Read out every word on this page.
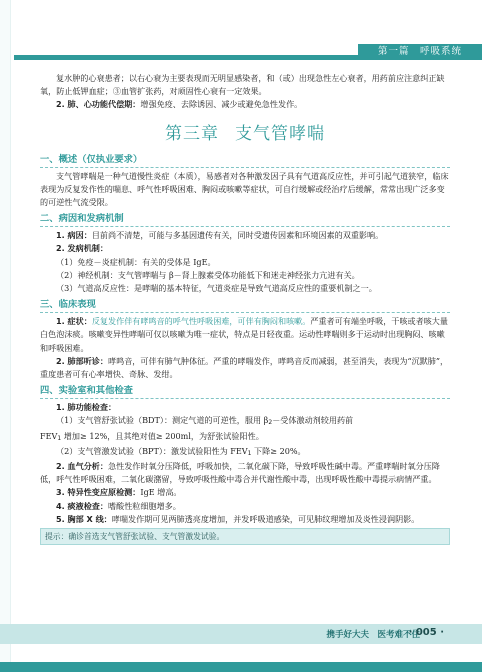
第一篇　呼吸系统

复水肿的心衰患者；以右心衰为主要表现而无明显感染者，和（或）出现急性左心衰者，用药前应注意纠正缺氧，防止低钾血症；③血管扩张药，对顽固性心衰有一定效果。

2. 肺、心功能代偿期：增强免疫、去除诱因、减少或避免急性发作。

第三章 支气管哮喘
一、概述（仅执业要求）

支气管哮喘是一种气道慢性炎症（本质），易感者对各种激发因子具有气道高反应性，并可引起气道狭窄，临床表现为反复发作性的喘息、呼气性呼吸困难、胸闷或咳嗽等症状，可自行缓解或经治疗后缓解，常常出现广泛多变的可逆性气流受限。

二、病因和发病机制

1. 病因：目前尚不清楚，可能与多基因遗传有关，同时受遗传因素和环境因素的双重影响。

2. 发病机制：

（1）免疫－炎症机制：有关的受体是 IgE。

（2）神经机制：支气管哮喘与 β－肾上腺素受体功能低下和迷走神经张力亢进有关。

（3）气道高反应性：是哮喘的基本特征，气道炎症是导致气道高反应性的重要机制之一。

三、临床表现

1. 症状：反复发作伴有哮鸣音的呼气性呼吸困难，可伴有胸闷和咳嗽。严重者可有端坐呼吸，干咳或者咳大量白色泡沫痰。咳嗽变异性哮喘可仅以咳嗽为唯一症状，特点是日轻夜重。运动性哮喘则多于运动时出现胸闷、咳嗽和呼吸困难。

2. 肺部听诊：哮鸣音，可伴有肺气肿体征。严重的哮喘发作，哮鸣音反而减弱，甚至消失，表现为“沉默肺”，重度患者可有心率增快、奇脉、发绀。

四、实验室和其他检查

1. 肺功能检查：

（1）支气管舒张试验（BDT）：测定气道的可逆性，服用 β2－受体激动剂较用药前

FEV1 增加≥ 12%，且其绝对值≥ 200ml，为舒张试验阳性。

（2）支气管激发试验（BPT）：激发试验阳性为 FEV1 下降≥ 20%。

2. 血气分析：急性发作时氧分压降低，呼吸加快，二氧化碳下降，导致呼吸性碱中毒。严重哮喘时氧分压降低，呼气性呼吸困难，二氧化碳潴留，导致呼吸性酸中毒合并代谢性酸中毒，出现呼吸性酸中毒提示病情严重。

3. 特异性变应原检测：IgE 增高。

4. 痰液检查：嗜酸性粒细胞增多。

5. 胸部 X 线：哮喘发作期可见两肺透亮度增加，并发呼吸道感染，可见肺纹理增加及炎性浸润阴影。

提示：确诊首选支气管舒张试验、支气管激发试验。
携手好大夫　医考难不住
· 005 ·
